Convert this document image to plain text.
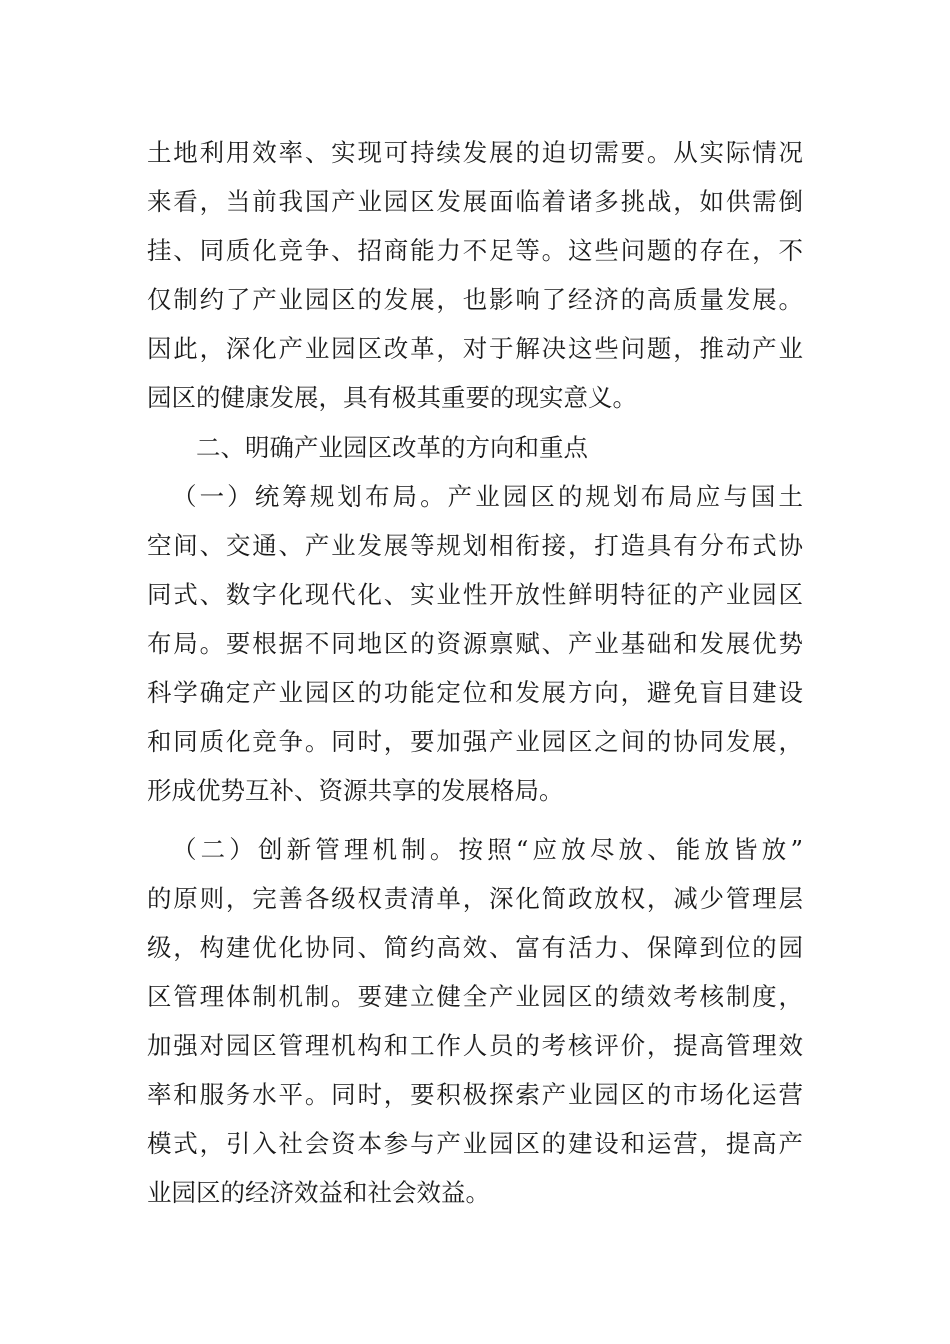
土地利用效率、实现可持续发展的迫切需要。从实际情况
来看，当前我国产业园区发展面临着诸多挑战，如供需倒
挂、同质化竞争、招商能力不足等。这些问题的存在，不
仅制约了产业园区的发展，也影响了经济的高质量发展。
因此，深化产业园区改革，对于解决这些问题，推动产业
园区的健康发展，具有极其重要的现实意义。
二、明确产业园区改革的方向和重点
（一）统筹规划布局。产业园区的规划布局应与国土
空间、交通、产业发展等规划相衔接，打造具有分布式协
同式、数字化现代化、实业性开放性鲜明特征的产业园区
布局。要根据不同地区的资源禀赋、产业基础和发展优势
科学确定产业园区的功能定位和发展方向，避免盲目建设
和同质化竞争。同时，要加强产业园区之间的协同发展，
形成优势互补、资源共享的发展格局。
（二）创新管理机制。按照“应放尽放、能放皆放”
的原则，完善各级权责清单，深化简政放权，减少管理层
级，构建优化协同、简约高效、富有活力、保障到位的园
区管理体制机制。要建立健全产业园区的绩效考核制度，
加强对园区管理机构和工作人员的考核评价，提高管理效
率和服务水平。同时，要积极探索产业园区的市场化运营
模式，引入社会资本参与产业园区的建设和运营，提高产
业园区的经济效益和社会效益。
